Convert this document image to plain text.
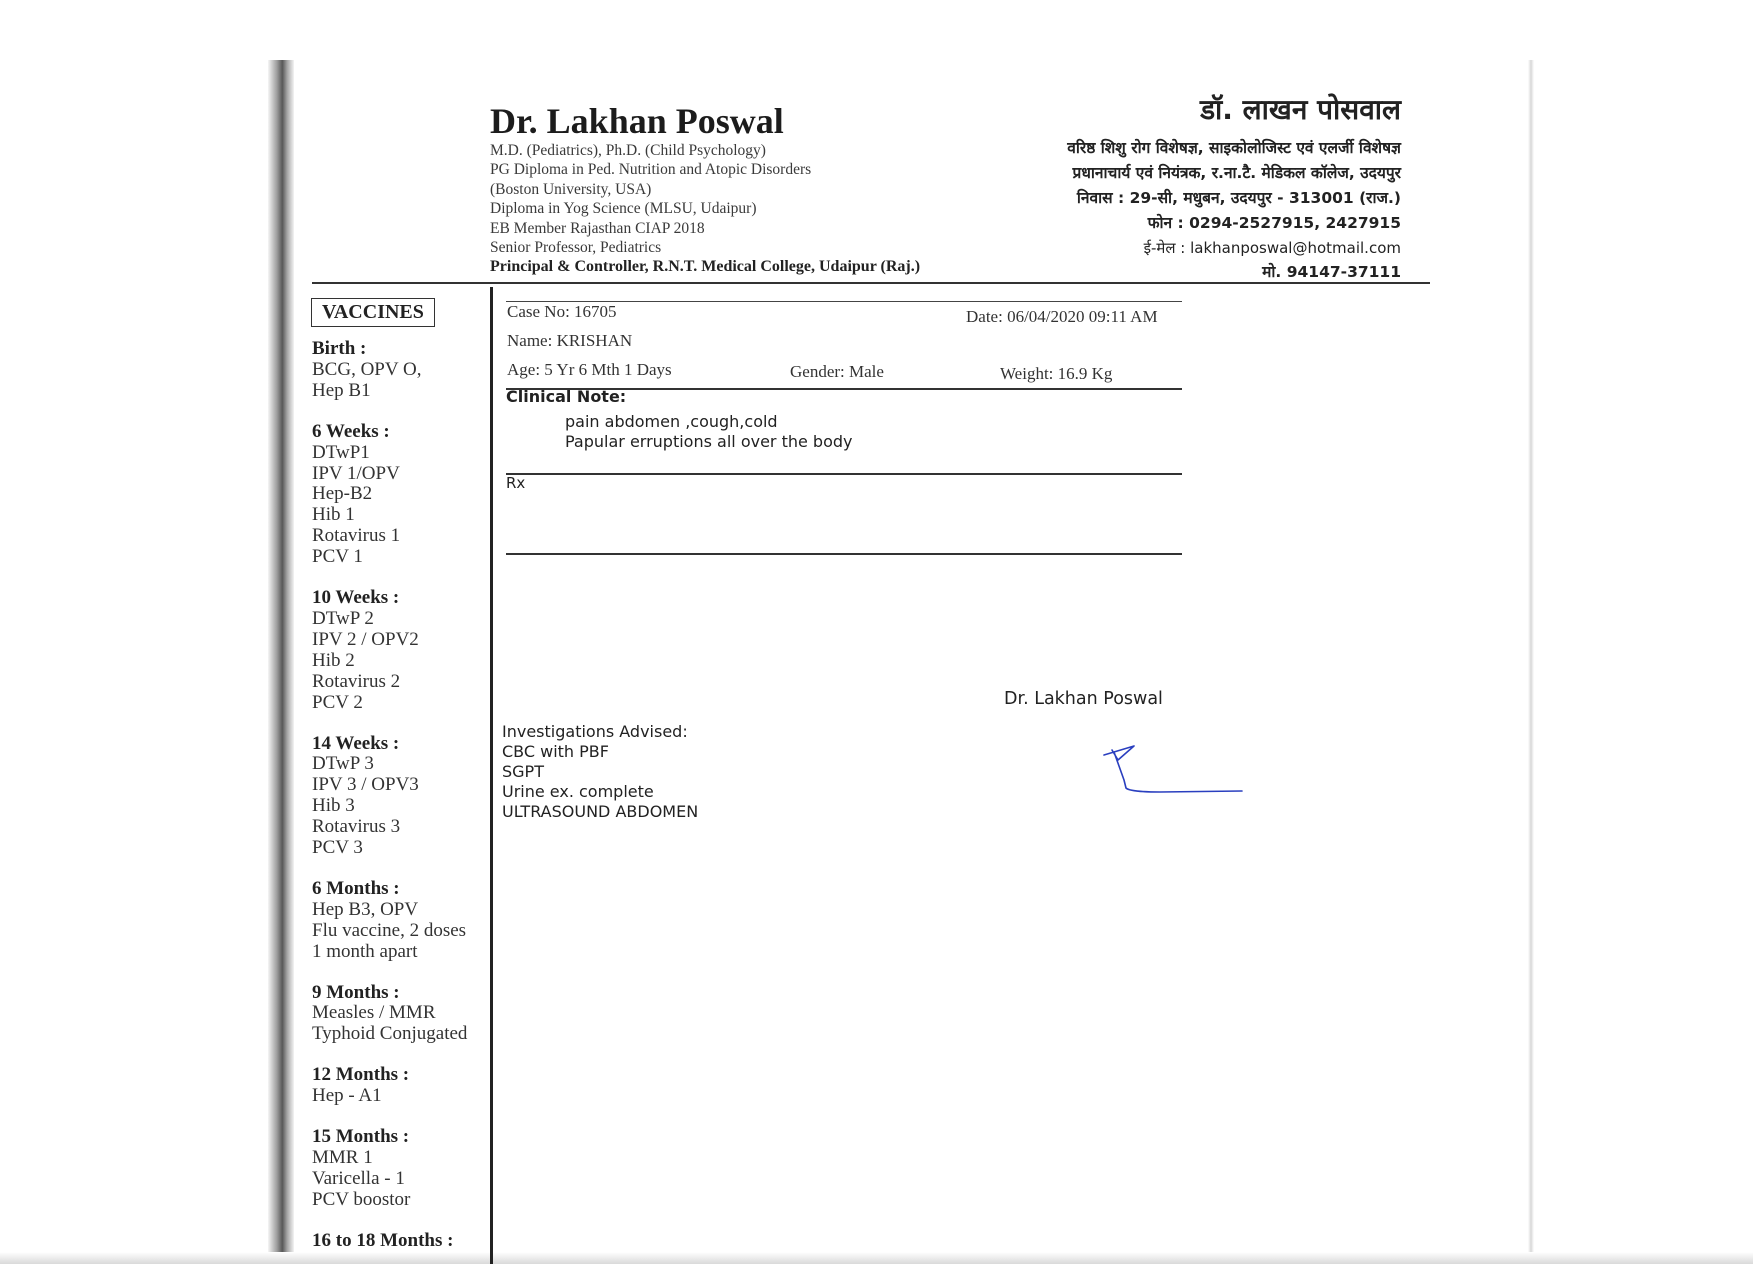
Dr. Lakhan Poswal
M.D. (Pediatrics), Ph.D. (Child Psychology)
PG Diploma in Ped. Nutrition and Atopic Disorders
(Boston University, USA)
Diploma in Yog Science (MLSU, Udaipur)
EB Member Rajasthan CIAP 2018
Senior Professor, Pediatrics
Principal & Controller, R.N.T. Medical College, Udaipur (Raj.)
डॉ. लाखन पोसवाल
वरिष्ठ शिशु रोग विशेषज्ञ, साइकोलोजिस्ट एवं एलर्जी विशेषज्ञ
प्रधानाचार्य एवं नियंत्रक, र.ना.टै. मेडिकल कॉलेज, उदयपुर
निवास : 29-सी, मधुबन, उदयपुर - 313001 (राज.)
फोन : 0294-2527915, 2427915
ई-मेल : lakhanposwal@hotmail.com
मो. 94147-37111
VACCINES
Birth :
BCG, OPV O,
Hep B1
6 Weeks :
DTwP1
IPV 1/OPV
Hep-B2
Hib 1
Rotavirus 1
PCV 1
10 Weeks :
DTwP 2
IPV 2 / OPV2
Hib 2
Rotavirus 2
PCV 2
14 Weeks :
DTwP 3
IPV 3 / OPV3
Hib 3
Rotavirus 3
PCV 3
6 Months :
Hep B3, OPV
Flu vaccine, 2 doses
1 month apart
9 Months :
Measles / MMR
Typhoid Conjugated
12 Months :
Hep - A1
15 Months :
MMR 1
Varicella - 1
PCV boostor
16 to 18 Months :
Case No: 16705	Date: 06/04/2020 09:11 AM
Name: KRISHAN
Age: 5 Yr 6 Mth 1 Days	Gender: Male	Weight: 16.9 Kg
Clinical Note:
pain abdomen ,cough,cold
Papular erruptions all over the body
Rx
Dr. Lakhan Poswal
Investigations Advised:
CBC with PBF
SGPT
Urine ex. complete
ULTRASOUND ABDOMEN
